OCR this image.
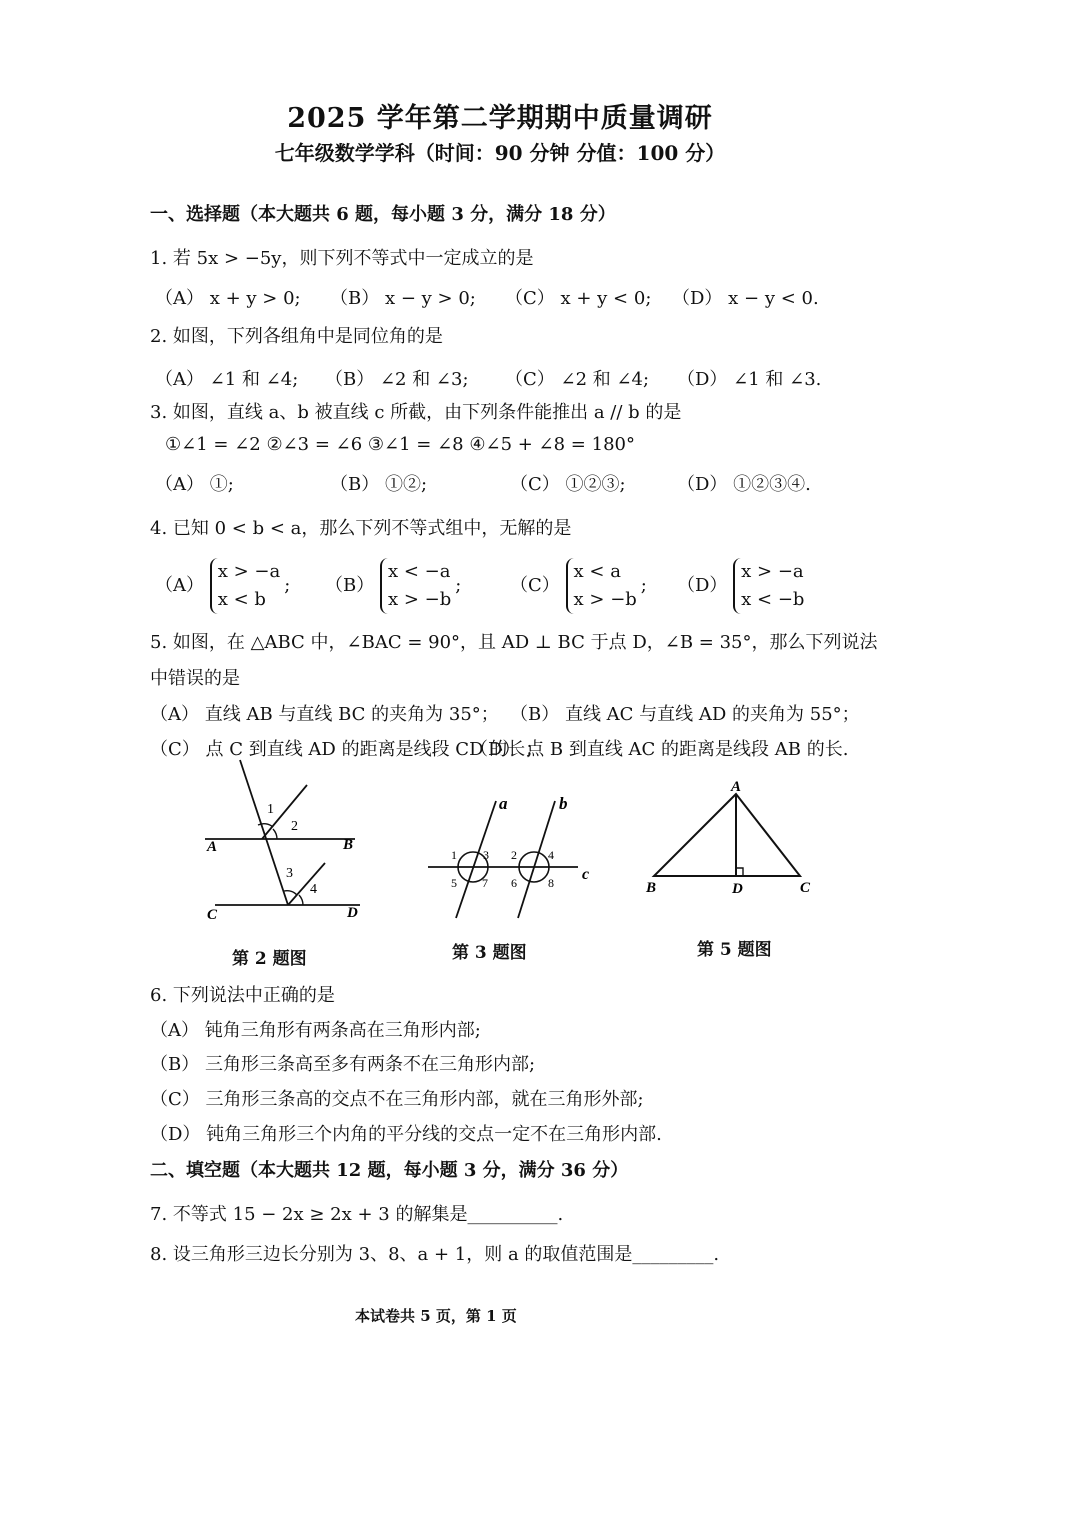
2025 学年第二学期期中质量调研
七年级数学学科（时间：90 分钟 分值：100 分）
一、选择题（本大题共 6 题，每小题 3 分，满分 18 分）
1. 若 5x > −5y，则下列不等式中一定成立的是
（A） x + y > 0; （B） x − y > 0; （C） x + y < 0; （D） x − y < 0.
2. 如图，下列各组角中是同位角的是
（A） ∠1 和 ∠4; （B） ∠2 和 ∠3; （C） ∠2 和 ∠4; （D） ∠1 和 ∠3.
3. 如图，直线 a、b 被直线 c 所截，由下列条件能推出 a // b 的是
①∠1 = ∠2 ②∠3 = ∠6 ③∠1 = ∠8 ④∠5 + ∠8 = 180°
（A） ①;	（B） ①②;	（C） ①②③;	（D） ①②③④.
4. 已知 0 < b < a，那么下列不等式组中，无解的是
（A） x > −a
x < b; （B） x < −a
x > −b;	（C） x < a
x > −b; （D） x > −a
x < −b
5. 如图，在 △ABC 中，∠BAC = 90°，且 AD ⊥ BC 于点 D，∠B = 35°，那么下列说法
中错误的是
（A） 直线 AB 与直线 BC 的夹角为 35°； （B） 直线 AC 与直线 AD 的夹角为 55°；
（C） 点 C 到直线 AD 的距离是线段 CD 的长；
（D） 点 B 到直线 AC 的距离是线段 AB 的长.
1
2
3
4
A	B
C	D
第 2 题图
a	b
c
1 3
5 7
2	4
6	8
第 3 题图
A
B	D	C
第 5 题图
6. 下列说法中正确的是
（A） 钝角三角形有两条高在三角形内部;
（B） 三角形三条高至多有两条不在三角形内部;
（C） 三角形三条高的交点不在三角形内部，就在三角形外部;
（D） 钝角三角形三个内角的平分线的交点一定不在三角形内部.
二、填空题（本大题共 12 题，每小题 3 分，满分 36 分）
7. 不等式 15 − 2x ≥ 2x + 3 的解集是__________.
8. 设三角形三边长分别为 3、8、a + 1，则 a 的取值范围是_________.
本试卷共 5 页，第 1 页
